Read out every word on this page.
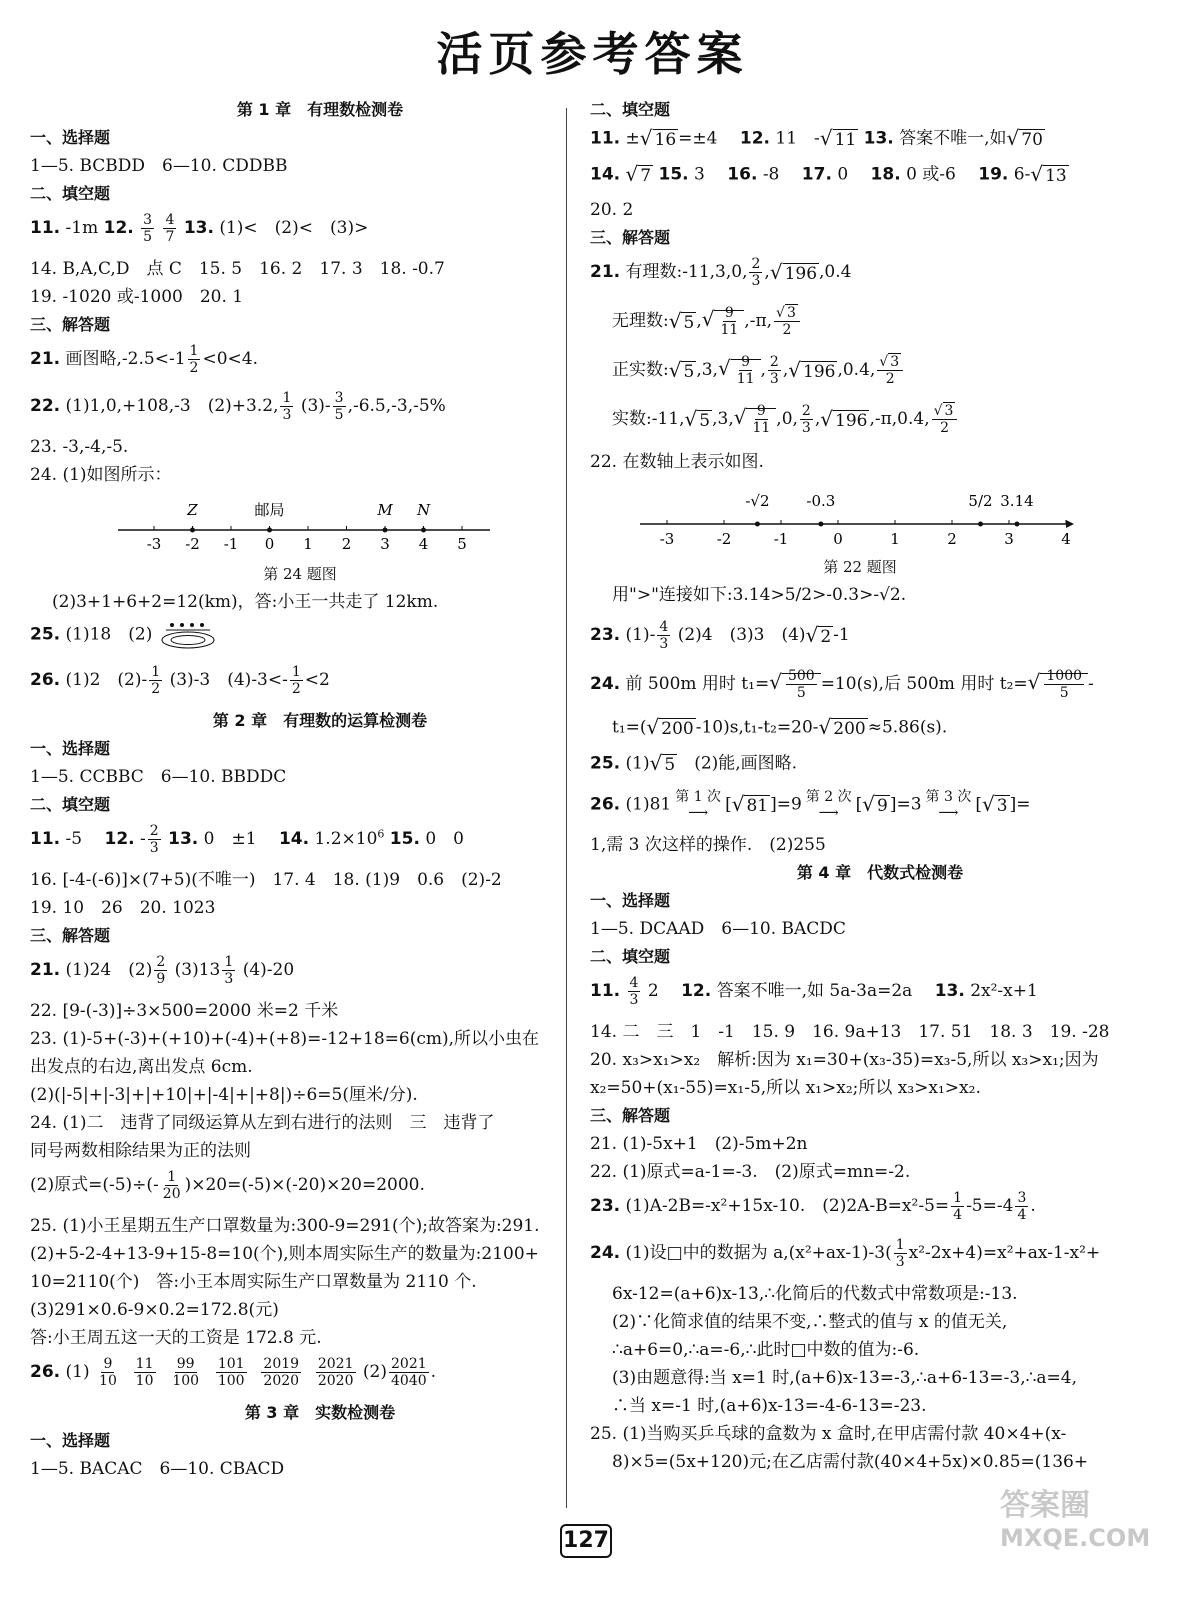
活页参考答案
第 1 章　有理数检测卷
一、选择题
1—5. BCBDD　6—10. CDDBB
二、填空题
11. -1m 12. $\frac{3}{5}$
$\frac{4}{7} 13$. (1)<　(2)<　(3)>
14. B,A,C,D　点 C　15. 5　16. 2　17. 3　18. -0.7
19. -1020 或-1000　20. 1
三、解答题
21. 画图略$,-2.5<-1 \frac{1}{2} <0<4$.
22. (1)1,0,+108,-3　(2)+3.2, $\frac{1}{3} (3)- \frac{3}{5} ,-6.5,-3,-5\%$
23. -3,-4,-5.
24. (1)如图所示：
-3 -2 -1 0 1 2 3 4 5
Z	邮局	M N
第 24 题图
(2)3+1+6+2=12(km)，答:小王一共走了 12km.
25. (1)18　(2)
26. (1)2　$(2)- \frac{1}{2} (3)-3$　$(4)-3<- \frac{1}{2} <2$
第 2 章　有理数的运算检测卷
一、选择题
1—5. CCBBC　6—10. BBDDC
二、填空题
11. -5　 12. - $\frac{2}{3} 13$. 0　±1　 14. $1.2\times 10^6$ 15. 0　0
16. [-4-(-6)]×(7+5)(不唯一)　17. 4　18. (1)9　0.6　(2)-2
19. 10　26　20. 1023
三、解答题
21. (1)24　$(2) \frac{2}{9} (3)13 \frac{1}{3} (4)-20$
22. [9-(-3)]÷3×500=2000 米=2 千米
23. (1)-5+(-3)+(+10)+(-4)+(+8)=-12+18=6(cm),所以小虫在
出发点的右边,离出发点 6cm.
(2)(|-5|+|-3|+|+10|+|-4|+|+8|)÷6=5(厘米/分).
24. (1)二　违背了同级运算从左到右进行的法则　三　违背了
同号两数相除结果为正的法则
(2)原式$=(-5)\div(- \frac{1}{20} )\times 20=(-5)\times(-20)\times 20=2000$.
25. (1)小王星期五生产口罩数量为:300-9=291(个);故答案为:291.
(2)+5-2-4+13-9+15-8=10(个),则本周实际生产的数量为:2100+
10=2110(个)　答:小王本周实际生产口罩数量为 2110 个.
(3)291×0.6-9×0.2=172.8(元)
答:小王周五这一天的工资是 172.8 元.
26. $(1) \frac{9}{10}$
$\frac{11}{10}$
$\frac{99}{100}$
$\frac{101}{100}$
$\frac{2019}{2020}$
$\frac{2021}{2020} (2) \frac{2021}{4040}$ .
第 3 章　实数检测卷
一、选择题
1—5. BACAC　6—10. CBACD
二、填空题
11. ±√ 16 =±4　 12. 11　-√ 11 13. 答案不唯一,如√ 70
14. √ 7 15. 3　 16. -8　 17. 0　 18. 0 或-6　 19. 6-√ 13
20. 2
三、解答题
21. 有理数:-11,3,0, $\frac{2}{3}$ ,√ 196 ,0.4
无理数:√ 5 ,√ $\frac{9}{11} ,-\pi$, $\frac{√ 3}{2}$
正实数:√ 5 $,3,√ \frac{9}{11}$ , $\frac{2}{3}$ ,√ 196 ,0.4, $\frac{√ 3}{2}$
实数:-11,√ 5 $,3,√ \frac{9}{11} ,0$, $\frac{2}{3}$ ,√ 196 ,-π,0.4, $\frac{√ 3}{2}$
22. 在数轴上表示如图.
-3	-2	-1	0	1	2	3	4
-√2 -0.3	5/2 3.14
第 22 题图
用">"连接如下:3.14>5/2>-0.3>-√2.
23. $(1)- \frac{4}{3} (2)4$　(3)3　(4)√ 2 -1
24. 前 500m 用时 $t_1=√ \frac{500}{5} =10(s)$,后 500m 用时 $t_2=√ \frac{1000}{5}$ -
t₁=(√ 200 -10)s,t₁-t₂=20-√ 200 ≈5.86(s).
25. (1)√ 5　 (2)能,画图略.
26. (1)81 第 1 次
⟶ [√ 81 ]=9 第 2 次
⟶ [√ 9 ]=3 第 3 次
⟶ [√ 3 ]=
1,需 3 次这样的操作.　(2)255
第 4 章　代数式检测卷
一、选择题
1—5. DCAAD　6—10. BACDC
二、填空题
11. $\frac{4}{3} 2$　 12. 答案不唯一,如 5a-3a=2a　 13. 2x²-x+1
14. 二　三　1　-1　15. 9　16. 9a+13　17. 51　18. 3　19. -28
20. x₃>x₁>x₂　解析:因为 x₁=30+(x₃-35)=x₃-5,所以 x₃>x₁;因为
x₂=50+(x₁-55)=x₁-5,所以 x₁>x₂;所以 x₃>x₁>x₂.
三、解答题
21. (1)-5x+1　(2)-5m+2n
22. (1)原式=a-1=-3.　(2)原式=mn=-2.
23. (1)A-2B=-x²+15x-10.　$(2)2A-B=x^2-5= \frac{1}{4} -5=-4 \frac{3}{4}$ .
24. (1)设□中的数据为 $a,(x^2+ax-1)-3( \frac{1}{3} x^2-2x+4)=x^2+ax-1-x^2+$
6x-12=(a+6)x-13,∴化简后的代数式中常数项是:-13.
(2)∵化简求值的结果不变,∴整式的值与 x 的值无关,
∴a+6=0,∴a=-6,∴此时□中数的值为:-6.
(3)由题意得:当 x=1 时,(a+6)x-13=-3,∴a+6-13=-3,∴a=4,
∴当 x=-1 时,(a+6)x-13=-4-6-13=-23.
25. (1)当购买乒乓球的盒数为 x 盒时,在甲店需付款 40×4+(x-
8)×5=(5x+120)元;在乙店需付款(40×4+5x)×0.85=(136+
127
答案圈
MXQE.COM
